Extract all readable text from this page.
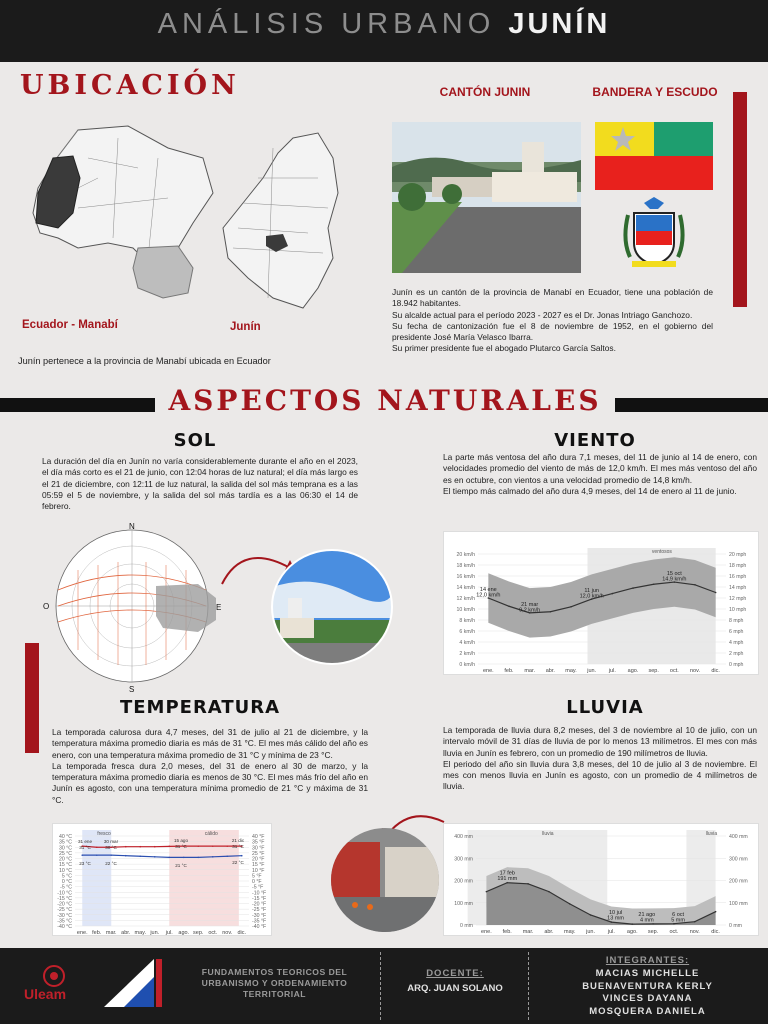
ANÁLISIS URBANO JUNÍN
UBICACIÓN
Ecuador - Manabí	Junín
Junín pertenece a la provincia de Manabí ubicada en Ecuador
CANTÓN JUNIN	BANDERA Y ESCUDO

Junín es un cantón de la provincia de Manabí en Ecuador, tiene una población de 18.942 habitantes.

Su alcalde actual para el período 2023 - 2027 es el Dr. Jonas Intriago Ganchozo.

Su fecha de cantonización fue el 8 de noviembre de 1952, en el gobierno del presidente José María Velasco Ibarra.

Su primer presidente fue el abogado Plutarco García Saltos.

ASPECTOS NATURALES
SOL
La duración del día en Junín no varía considerablemente durante el año en el 2023, el día más corto es el 21 de junio, con 12:04 horas de luz natural; el día más largo es el 21 de diciembre, con 12:11 de luz natural, la salida del sol más temprana es a las 05:59 el 5 de noviembre, y la salida del sol más tardía es a las 06:30 el 14 de febrero.
N
S
O	E
VIENTO

La parte más ventosa del año dura 7,1 meses, del 11 de junio al 14 de enero, con velocidades promedio del viento de más de 12,0 km/h. El mes más ventoso del año es en octubre, con vientos a una velocidad promedio de 14,8 km/h.

El tiempo más calmado del año dura 4,9 meses, del 14 de enero al 11 de junio.

ventosos
0 km/h	0 mph
2 km/h	2 mph
4 km/h	4 mph
6 km/h	6 mph
8 km/h	8 mph
10 km/h	10 mph
12 km/h	12 mph
14 km/h	14 mph
16 km/h	16 mph
18 km/h	18 mph
20 km/h	20 mph
ene. feb. mar. abr. may. jun. jul. ago. sep. oct. nov. dic.
14 ene
12,0 km/h
21 mar
9,2 km/h
11 jun
12,0 km/h
15 oct
14,9 km/h
TEMPERATURA

La temporada calurosa dura 4,7 meses, del 31 de julio al 21 de diciembre, y la temperatura máxima promedio diaria es más de 31 °C. El mes más cálido del año es enero, con una temperatura máxima promedio de 31 °C y mínima de 23 °C.

La temporada fresca dura 2,0 meses, del 31 de enero al 30 de marzo, y la temperatura máxima promedio diaria es menos de 30 °C. El mes más frío del año en Junín es agosto, con una temperatura mínima promedio de 21 °C y máxima de 31 °C.

fresco	cálido
-40 °C	-40 °F
-35 °C	-35 °F
-30 °C	-30 °F
-25 °C	-25 °F
-20 °C	-20 °F
-15 °C	-15 °F
-10 °C	-10 °F
-5 °C	-5 °F
0 °C	0 °F
5 °C	5 °F
10 °C	10 °F
15 °C	15 °F
20 °C	20 °F
25 °C	25 °F
30 °C	30 °F
35 °C	35 °F
40 °C	40 °F
ene. feb. mar. abr. may. jun. jul. ago. sep. oct. nov. dic.
31 ene	30 mar
31 °C	30 °C
15 ago
31 °C
21 dic
31 °C
22 °C
23 °C	21 °C
22 °C
LLUVIA

La temporada de lluvia dura 8,2 meses, del 3 de noviembre al 10 de julio, con un intervalo móvil de 31 días de lluvia de por lo menos 13 milímetros. El mes con más lluvia en Junín es febrero, con un promedio de 190 milímetros de lluvia.

El periodo del año sin lluvia dura 3,8 meses, del 10 de julio al 3 de noviembre. El mes con menos lluvia en Junín es agosto, con un promedio de 4 milímetros de lluvia.

lluvia	lluvia
0 mm	0 mm
100 mm	100 mm
200 mm	200 mm
300 mm	300 mm
400 mm	400 mm
ene. feb. mar. abr. may. jun. jul. ago. sep. oct. nov. dic.
17 feb
191 mm
10 jul
13 mm
21 ago
4 mm
6 oct
5 mm
Uleam
FUNDAMENTOS TEORICOS DEL URBANISMO Y ORDENAMIENTO TERRITORIAL
DOCENTE:
ARQ. JUAN SOLANO
INTEGRANTES:
MACIAS MICHELLE
BUENAVENTURA KERLY
VINCES DAYANA
MOSQUERA DANIELA
